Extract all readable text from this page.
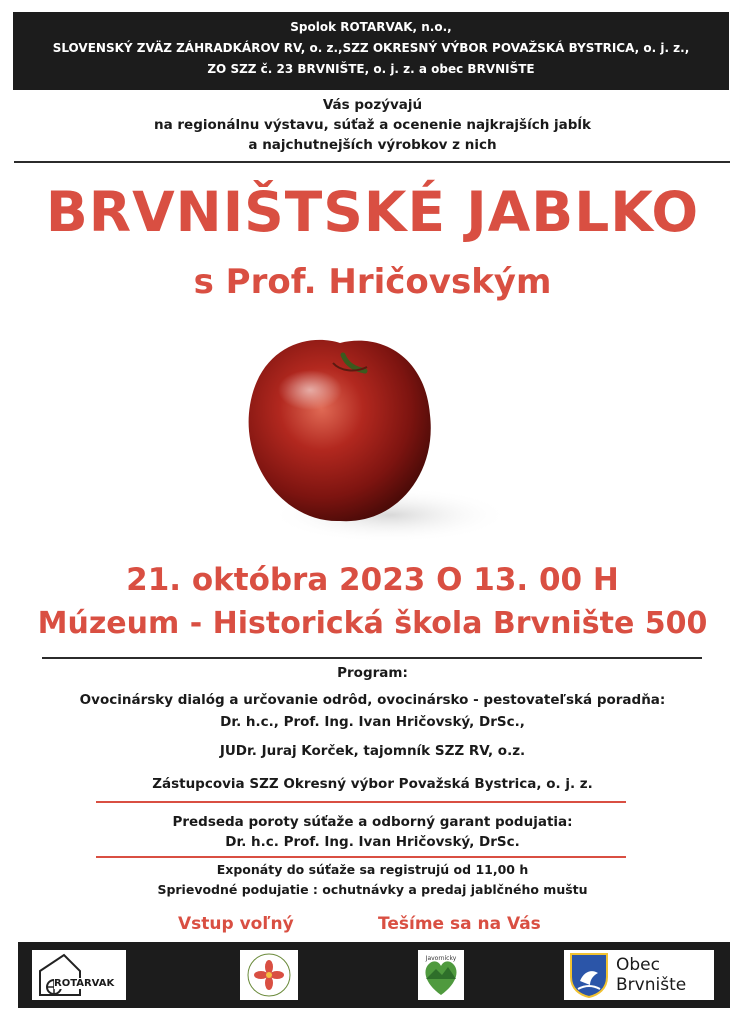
Spolok ROTARVAK, n.o.,
SLOVENSKÝ ZVÄZ ZÁHRADKÁROV RV, o. z.,SZZ OKRESNÝ VÝBOR POVAŽSKÁ BYSTRICA, o. j. z.,
ZO SZZ č. 23 BRVNIŠTE, o. j. z. a obec BRVNIŠTE
Vás pozývajú
na regionálnu výstavu, súťaž a ocenenie najkrajších jabĺk
a najchutnejších výrobkov z nich
BRVNIŠTSKÉ JABLKO
s Prof. Hričovským
21. októbra 2023 O 13. 00 H
Múzeum - Historická škola Brvnište 500
Program:
Ovocinársky dialóg a určovanie odrôd, ovocinársko - pestovateľská poradňa:
Dr. h.c., Prof. Ing. Ivan Hričovský, DrSc.,
JUDr. Juraj Korček, tajomník SZZ RV, o.z.
Zástupcovia SZZ Okresný výbor Považská Bystrica, o. j. z.
Predseda poroty súťaže a odborný garant podujatia:
Dr. h.c. Prof. Ing. Ivan Hričovský, DrSc.
Exponáty do súťaže sa registrujú od 11,00 h
Sprievodné podujatie : ochutnávky a predaj jablčného muštu
Vstup voľný	Tešíme sa na Vás
ROTARVAK
Javornícky	Obec
Brvnište
